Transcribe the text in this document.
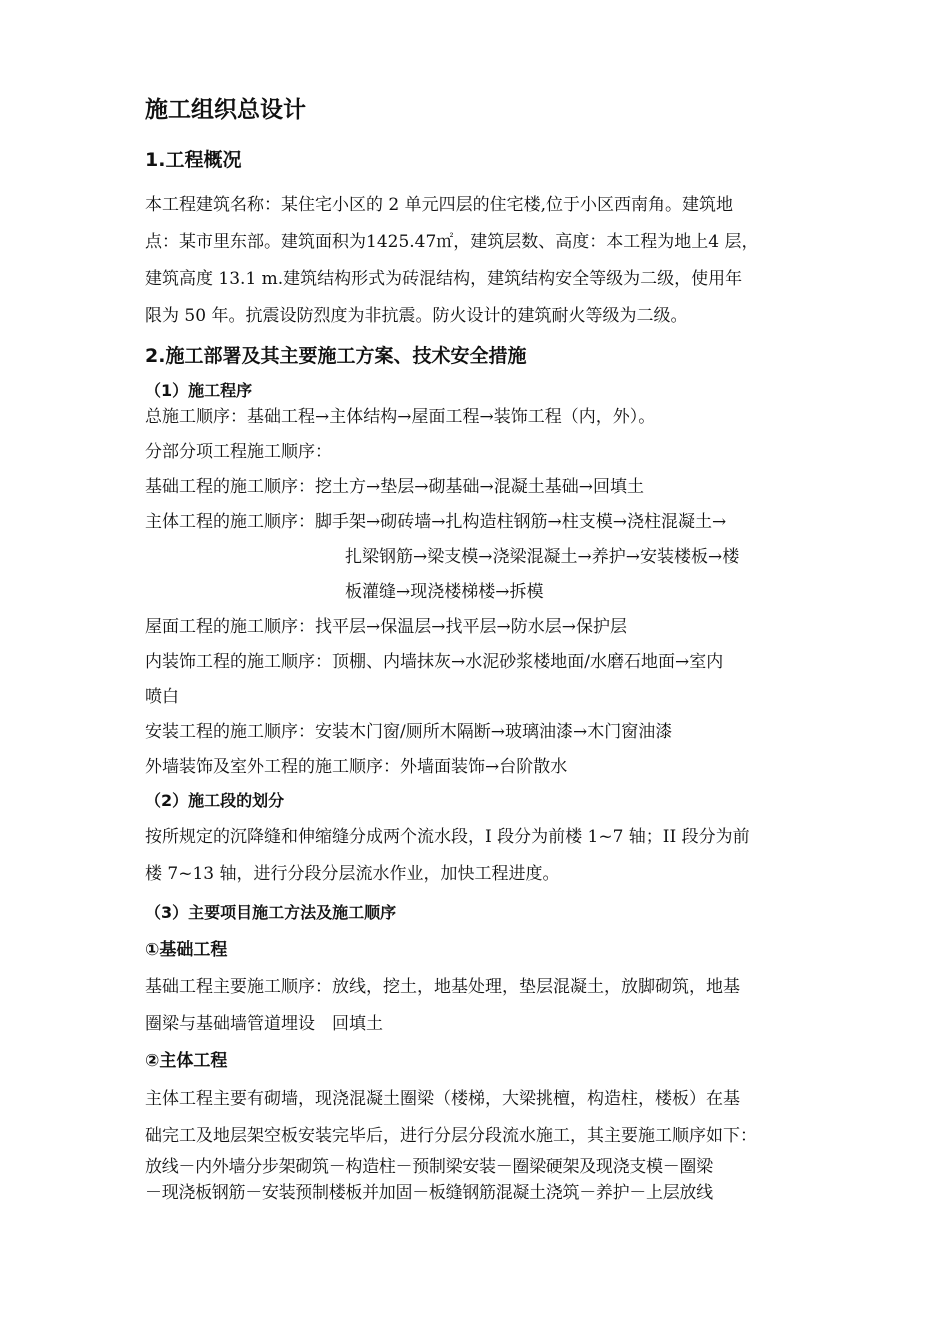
施工组织总设计
1.工程概况
本工程建筑名称：某住宅小区的 2 单元四层的住宅楼,位于小区西南角。建筑地
点：某市里东部。建筑面积为1425.47㎡，建筑层数、高度：本工程为地上4 层，
建筑高度 13.1 m.建筑结构形式为砖混结构，建筑结构安全等级为二级，使用年
限为 50 年。抗震设防烈度为非抗震。防火设计的建筑耐火等级为二级。
2.施工部署及其主要施工方案、技术安全措施
（1）施工程序
总施工顺序：基础工程→主体结构→屋面工程→装饰工程（内，外）。
分部分项工程施工顺序：
基础工程的施工顺序：挖土方→垫层→砌基础→混凝土基础→回填土
主体工程的施工顺序：脚手架→砌砖墙→扎构造柱钢筋→柱支模→浇柱混凝土→
扎梁钢筋→梁支模→浇梁混凝土→养护→安装楼板→楼
板灌缝→现浇楼梯楼→拆模
屋面工程的施工顺序：找平层→保温层→找平层→防水层→保护层
内装饰工程的施工顺序：顶棚、内墙抹灰→水泥砂浆楼地面/水磨石地面→室内
喷白
安装工程的施工顺序：安装木门窗/厕所木隔断→玻璃油漆→木门窗油漆
外墙装饰及室外工程的施工顺序：外墙面装饰→台阶散水
（2）施工段的划分
按所规定的沉降缝和伸缩缝分成两个流水段，I 段分为前楼 1~7 轴；II 段分为前
楼 7~13 轴，进行分段分层流水作业，加快工程进度。
（3）主要项目施工方法及施工顺序
①基础工程
基础工程主要施工顺序：放线，挖土，地基处理，垫层混凝土，放脚砌筑，地基
圈梁与基础墙管道埋设　回填土
②主体工程
主体工程主要有砌墙，现浇混凝土圈梁（楼梯，大梁挑檀，构造柱，楼板）在基
础完工及地层架空板安装完毕后，进行分层分段流水施工，其主要施工顺序如下：
放线－内外墙分步架砌筑－构造柱－预制梁安装－圈梁硬架及现浇支模－圈梁
－现浇板钢筋－安装预制楼板并加固－板缝钢筋混凝土浇筑－养护－上层放线
